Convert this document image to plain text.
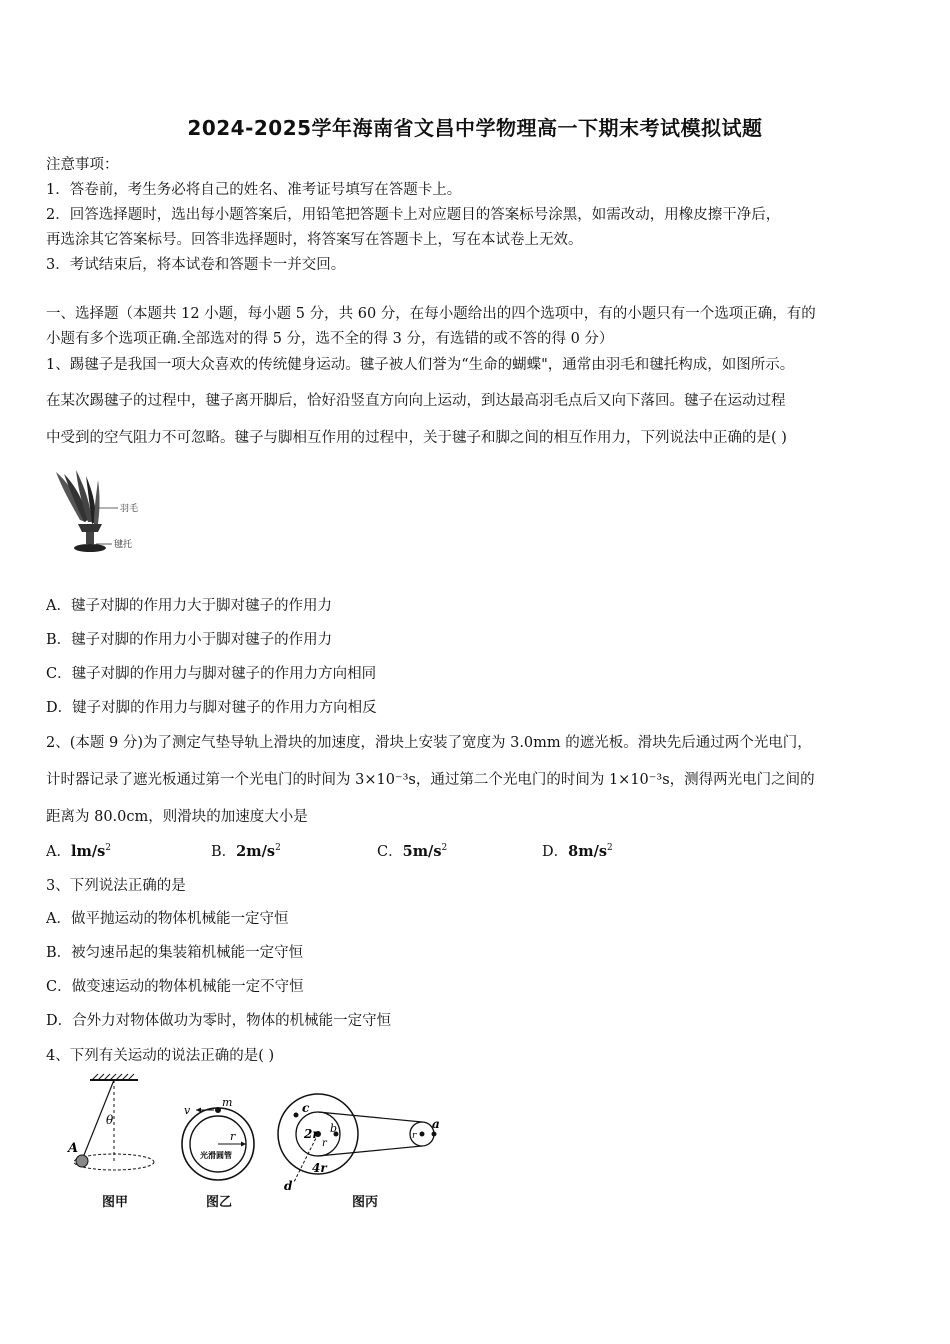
2024-2025学年海南省文昌中学物理高一下期末考试模拟试题
注意事项：
1．答卷前，考生务必将自己的姓名、准考证号填写在答题卡上。
2．回答选择题时，选出每小题答案后，用铅笔把答题卡上对应题目的答案标号涂黑，如需改动，用橡皮擦干净后，
再选涂其它答案标号。回答非选择题时，将答案写在答题卡上，写在本试卷上无效。
3．考试结束后，将本试卷和答题卡一并交回。
一、选择题（本题共 12 小题，每小题 5 分，共 60 分，在每小题给出的四个选项中，有的小题只有一个选项正确，有的
小题有多个选项正确.全部选对的得 5 分，选不全的得 3 分，有选错的或不答的得 0 分）
1、踢毽子是我国一项大众喜欢的传统健身运动。毽子被人们誉为“生命的蝴蝶"，通常由羽毛和毽托构成，如图所示。
在某次踢毽子的过程中，毽子离开脚后，恰好沿竖直方向向上运动，到达最高羽毛点后又向下落回。毽子在运动过程
中受到的空气阻力不可忽略。毽子与脚相互作用的过程中，关于毽子和脚之间的相互作用力，下列说法中正确的是( )
羽毛
毽托
A．毽子对脚的作用力大于脚对毽子的作用力
B．毽子对脚的作用力小于脚对毽子的作用力
C．毽子对脚的作用力与脚对毽子的作用力方向相同
D．键子对脚的作用力与脚对毽子的作用力方向相反
2、(本题 9 分)为了测定气垫导轨上滑块的加速度，滑块上安装了宽度为 3.0mm 的遮光板。滑块先后通过两个光电门，
计时器记录了遮光板通过第一个光电门的时间为 3×10⁻³s，通过第二个光电门的时间为 1×10⁻³s，测得两光电门之间的
距离为 80.0cm，则滑块的加速度大小是
A．$lm/s^2$	B．$2m/s^2$	C．$5m/s^2$	D．$8m/s^2$
3、下列说法正确的是
A．做平抛运动的物体机械能一定守恒
B．被匀速吊起的集装箱机械能一定守恒
C．做变速运动的物体机械能一定不守恒
D．合外力对物体做功为零时，物体的机械能一定守恒
4、下列有关运动的说法正确的是( )
θ
A
图甲
v
m
r
光滑圆管
图乙
c
b
2r
r
4r
d
a
r
图丙
